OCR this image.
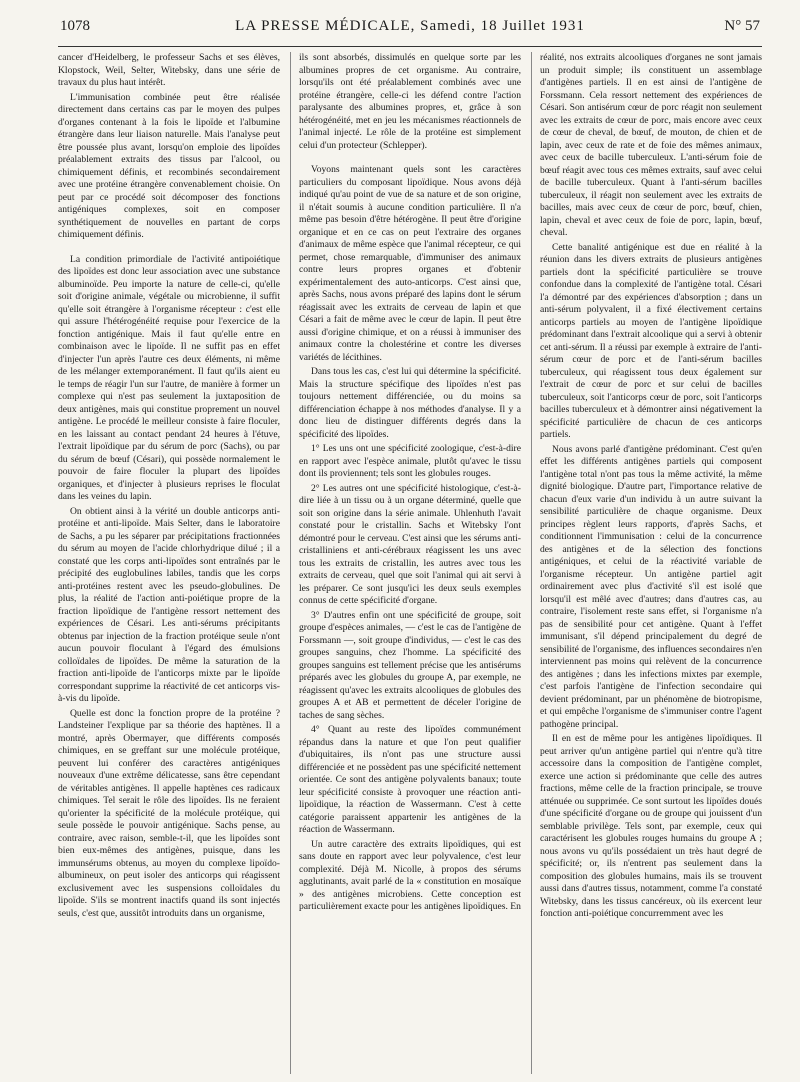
1078	LA PRESSE MÉDICALE, Samedi, 18 Juillet 1931	N° 57

cancer d'Heidelberg, le professeur Sachs et ses élèves, Klopstock, Weil, Selter, Witebsky, dans une série de travaux du plus haut intérêt.

L'immunisation combinée peut être réalisée directement dans certains cas par le moyen des pulpes d'organes contenant à la fois le lipoïde et l'albumine étrangère dans leur liaison naturelle. Mais l'analyse peut être poussée plus avant, lorsqu'on emploie des lipoïdes préalablement extraits des tissus par l'alcool, ou chimiquement définis, et recombinés secondairement avec une protéine étrangère convenablement choisie. On peut par ce procédé soit décomposer des fonctions antigéniques complexes, soit en composer synthétiquement de nouvelles en partant de corps chimiquement définis.

La condition primordiale de l'activité antipoiétique des lipoïdes est donc leur association avec une substance albuminoïde. Peu importe la nature de celle-ci, qu'elle soit d'origine animale, végétale ou microbienne, il suffit qu'elle soit étrangère à l'organisme récepteur : c'est elle qui assure l'hétérogénéité requise pour l'exercice de la fonction antigénique. Mais il faut qu'elle entre en combinaison avec le lipoïde. Il ne suffit pas en effet d'injecter l'un après l'autre ces deux éléments, ni même de les mélanger extemporanément. Il faut qu'ils aient eu le temps de réagir l'un sur l'autre, de manière à former un complexe qui n'est pas seulement la juxtaposition de deux antigènes, mais qui constitue proprement un nouvel antigène. Le procédé le meilleur consiste à faire floculer, en les laissant au contact pendant 24 heures à l'étuve, l'extrait lipoïdique par du sérum de porc (Sachs), ou par du sérum de bœuf (Césari), qui possède normalement le pouvoir de faire floculer la plupart des lipoïdes organiques, et d'injecter à plusieurs reprises le floculat dans les veines du lapin.

On obtient ainsi à la vérité un double anticorps anti-protéine et anti-lipoïde. Mais Selter, dans le laboratoire de Sachs, a pu les séparer par précipitations fractionnées du sérum au moyen de l'acide chlorhydrique dilué ; il a constaté que les corps anti-lipoïdes sont entraînés par le précipité des euglobulines labiles, tandis que les corps anti-protéines restent avec les pseudo-globulines. De plus, la réalité de l'action anti-poiétique propre de la fraction lipoïdique de l'antigène ressort nettement des expériences de Césari. Les anti-sérums précipitants obtenus par injection de la fraction protéique seule n'ont aucun pouvoir floculant à l'égard des émulsions colloïdales de lipoïdes. De même la saturation de la fraction anti-lipoïde de l'anticorps mixte par le lipoïde correspondant supprime la réactivité de cet anticorps vis-à-vis du lipoïde.

Quelle est donc la fonction propre de la protéine ? Landsteiner l'explique par sa théorie des haptènes. Il a montré, après Obermayer, que différents composés chimiques, en se greffant sur une molécule protéique, peuvent lui conférer des caractères antigéniques nouveaux d'une extrême délicatesse, sans être cependant de véritables antigènes. Il appelle haptènes ces radicaux chimiques. Tel serait le rôle des lipoïdes. Ils ne feraient qu'orienter la spécificité de la molécule protéique, qui seule possède le pouvoir antigénique. Sachs pense, au contraire, avec raison, semble-t-il, que les lipoïdes sont bien eux-mêmes des antigènes, puisque, dans les immunsérums obtenus, au moyen du complexe lipoïdo-albumineux, on peut isoler des anticorps qui réagissent exclusivement avec les suspensions colloïdales du lipoïde. S'ils se montrent inactifs quand ils sont injectés seuls, c'est que, aussitôt introduits dans un organisme,

ils sont absorbés, dissimulés en quelque sorte par les albumines propres de cet organisme. Au contraire, lorsqu'ils ont été préalablement combinés avec une protéine étrangère, celle-ci les défend contre l'action paralysante des albumines propres, et, grâce à son hétérogénéité, met en jeu les mécanismes réactionnels de l'animal injecté. Le rôle de la protéine est simplement celui d'un protecteur (Schlepper).

Voyons maintenant quels sont les caractères particuliers du composant lipoïdique. Nous avons déjà indiqué qu'au point de vue de sa nature et de son origine, il n'était soumis à aucune condition particulière. Il n'a même pas besoin d'être hétérogène. Il peut être d'origine organique et en ce cas on peut l'extraire des organes d'animaux de même espèce que l'animal récepteur, ce qui permet, chose remarquable, d'immuniser des animaux contre leurs propres organes et d'obtenir expérimentalement des auto-anticorps. C'est ainsi que, après Sachs, nous avons préparé des lapins dont le sérum réagissait avec les extraits de cerveau de lapin et que Césari a fait de même avec le cœur de lapin. Il peut être aussi d'origine chimique, et on a réussi à immuniser des animaux contre la cholestérine et contre les diverses variétés de lécithines.

Dans tous les cas, c'est lui qui détermine la spécificité. Mais la structure spécifique des lipoïdes n'est pas toujours nettement différenciée, ou du moins sa différenciation échappe à nos méthodes d'analyse. Il y a donc lieu de distinguer différents degrés dans la spécificité des lipoïdes.

1° Les uns ont une spécificité zoologique, c'est-à-dire en rapport avec l'espèce animale, plutôt qu'avec le tissu dont ils proviennent; tels sont les globules rouges.

2° Les autres ont une spécificité histologique, c'est-à-dire liée à un tissu ou à un organe déterminé, quelle que soit son origine dans la série animale. Uhlenhuth l'avait constaté pour le cristallin. Sachs et Witebsky l'ont démontré pour le cerveau. C'est ainsi que les sérums anti-cristalliniens et anti-cérébraux réagissent les uns avec tous les extraits de cristallin, les autres avec tous les extraits de cerveau, quel que soit l'animal qui ait servi à les préparer. Ce sont jusqu'ici les deux seuls exemples connus de cette spécificité d'organe.

3° D'autres enfin ont une spécificité de groupe, soit groupe d'espèces animales, — c'est le cas de l'antigène de Forssmann —, soit groupe d'individus, — c'est le cas des groupes sanguins, chez l'homme. La spécificité des groupes sanguins est tellement précise que les antisérums préparés avec les globules du groupe A, par exemple, ne réagissent qu'avec les extraits alcooliques de globules des groupes A et AB et permettent de déceler l'origine de taches de sang sèches.

4° Quant au reste des lipoïdes communément répandus dans la nature et que l'on peut qualifier d'ubiquitaires, ils n'ont pas une structure aussi différenciée et ne possèdent pas une spécificité nettement orientée. Ce sont des antigène polyvalents banaux; toute leur spécificité consiste à provoquer une réaction anti-lipoïdique, la réaction de Wassermann. C'est à cette catégorie paraissent appartenir les antigènes de la réaction de Wassermann.

Un autre caractère des extraits lipoïdiques, qui est sans doute en rapport avec leur polyvalence, c'est leur complexité. Déjà M. Nicolle, à propos des sérums agglutinants, avait parlé de la « constitution en mosaïque » des antigènes microbiens. Cette conception est particulièrement exacte pour les antigènes lipoïdiques. En

réalité, nos extraits alcooliques d'organes ne sont jamais un produit simple; ils constituent un assemblage d'antigènes partiels. Il en est ainsi de l'antigène de Forssmann. Cela ressort nettement des expériences de Césari. Son antisérum cœur de porc réagit non seulement avec les extraits de cœur de porc, mais encore avec ceux de cœur de cheval, de bœuf, de mouton, de chien et de lapin, avec ceux de rate et de foie des mêmes animaux, avec ceux de bacille tuberculeux. L'anti-sérum foie de bœuf réagit avec tous ces mêmes extraits, sauf avec celui de bacille tuberculeux. Quant à l'anti-sérum bacilles tuberculeux, il réagit non seulement avec les extraits de bacilles, mais avec ceux de cœur de porc, bœuf, chien, lapin, cheval et avec ceux de foie de porc, lapin, bœuf, cheval.

Cette banalité antigénique est due en réalité à la réunion dans les divers extraits de plusieurs antigènes partiels dont la spécificité particulière se trouve confondue dans la complexité de l'antigène total. Césari l'a démontré par des expériences d'absorption ; dans un anti-sérum polyvalent, il a fixé électivement certains anticorps partiels au moyen de l'antigène lipoïdique prédominant dans l'extrait alcoolique qui a servi à obtenir cet anti-sérum. Il a réussi par exemple à extraire de l'anti-sérum cœur de porc et de l'anti-sérum bacilles tuberculeux, qui réagissent tous deux également sur l'extrait de cœur de porc et sur celui de bacilles tuberculeux, soit l'anticorps cœur de porc, soit l'anticorps bacilles tuberculeux et à démontrer ainsi négativement la spécificité particulière de chacun de ces anticorps partiels.

Nous avons parlé d'antigène prédominant. C'est qu'en effet les différents antigènes partiels qui composent l'antigène total n'ont pas tous la même activité, la même dignité biologique. D'autre part, l'importance relative de chacun d'eux varie d'un individu à un autre suivant la sensibilité particulière de chaque organisme. Deux principes règlent leurs rapports, d'après Sachs, et conditionnent l'immunisation : celui de la concurrence des antigènes et de la sélection des fonctions antigéniques, et celui de la réactivité variable de l'organisme récepteur. Un antigène partiel agit ordinairement avec plus d'activité s'il est isolé que lorsqu'il est mêlé avec d'autres; dans d'autres cas, au contraire, l'isolement reste sans effet, si l'organisme n'a pas de sensibilité pour cet antigène. Quant à l'effet immunisant, s'il dépend principalement du degré de sensibilité de l'organisme, des influences secondaires n'en interviennent pas moins qui relèvent de la concurrence des antigènes ; dans les infections mixtes par exemple, c'est parfois l'antigène de l'infection secondaire qui devient prédominant, par un phénomène de biotropisme, et qui empêche l'organisme de s'immuniser contre l'agent pathogène principal.

Il en est de même pour les antigènes lipoïdiques. Il peut arriver qu'un antigène partiel qui n'entre qu'à titre accessoire dans la composition de l'antigène complet, exerce une action si prédominante que celle des autres fractions, même celle de la fraction principale, se trouve atténuée ou supprimée. Ce sont surtout les lipoïdes doués d'une spécificité d'organe ou de groupe qui jouissent d'un semblable privilège. Tels sont, par exemple, ceux qui caractérisent les globules rouges humains du groupe A ; nous avons vu qu'ils possédaient un très haut degré de spécificité; or, ils n'entrent pas seulement dans la composition des globules humains, mais ils se trouvent aussi dans d'autres tissus, notamment, comme l'a constaté Witebsky, dans les tissus cancéreux, où ils exercent leur fonction anti-poiétique concurremment avec les
